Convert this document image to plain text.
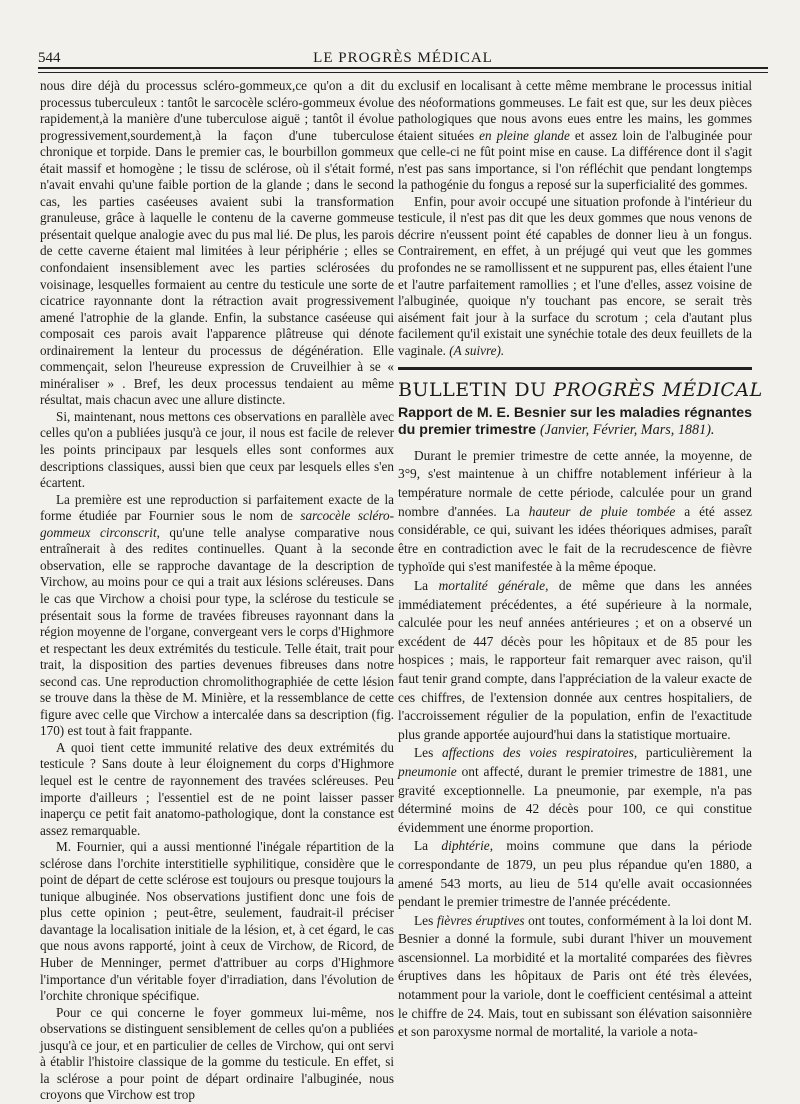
544	LE PROGRÈS MÉDICAL

nous dire déjà du processus scléro-gommeux,ce qu'on a dit du processus tuberculeux : tantôt le sarcocèle scléro-gommeux évolue rapidement,à la manière d'une tuberculose aiguë ; tantôt il évolue progressivement,sourdement,à la façon d'une tuberculose chronique et torpide. Dans le premier cas, le bourbillon gommeux était massif et homogène ; le tissu de sclérose, où il s'était formé, n'avait envahi qu'une faible portion de la glande ; dans le second cas, les parties caséeuses avaient subi la transformation granuleuse, grâce à laquelle le contenu de la caverne gommeuse présentait quelque analogie avec du pus mal lié. De plus, les parois de cette caverne étaient mal limitées à leur périphérie ; elles se confondaient insensiblement avec les parties sclérosées du voisinage, lesquelles formaient au centre du testicule une sorte de cicatrice rayonnante dont la rétraction avait progressivement amené l'atrophie de la glande. Enfin, la substance caséeuse qui composait ces parois avait l'apparence plâtreuse qui dénote ordinairement la lenteur du processus de dégénération. Elle commençait, selon l'heureuse expression de Cruveilhier à se « minéraliser » . Bref, les deux processus tendaient au même résultat, mais chacun avec une allure distincte.

Si, maintenant, nous mettons ces observations en parallèle avec celles qu'on a publiées jusqu'à ce jour, il nous est facile de relever les points principaux par lesquels elles sont conformes aux descriptions classiques, aussi bien que ceux par lesquels elles s'en écartent.

La première est une reproduction si parfaitement exacte de la forme étudiée par Fournier sous le nom de sarcocèle scléro-gommeux circonscrit, qu'une telle analyse comparative nous entraînerait à des redites continuelles. Quant à la seconde observation, elle se rapproche davantage de la description de Virchow, au moins pour ce qui a trait aux lésions scléreuses. Dans le cas que Virchow a choisi pour type, la sclérose du testicule se présentait sous la forme de travées fibreuses rayonnant dans la région moyenne de l'organe, convergeant vers le corps d'Highmore et respectant les deux extrémités du testicule. Telle était, trait pour trait, la disposition des parties devenues fibreuses dans notre second cas. Une reproduction chromolithographiée de cette lésion se trouve dans la thèse de M. Minière, et la ressemblance de cette figure avec celle que Virchow a intercalée dans sa description (fig. 170) est tout à fait frappante.

A quoi tient cette immunité relative des deux extrémités du testicule ? Sans doute à leur éloignement du corps d'Highmore lequel est le centre de rayonnement des travées scléreuses. Peu importe d'ailleurs ; l'essentiel est de ne point laisser passer inaperçu ce petit fait anatomo-pathologique, dont la constance est assez remarquable.

M. Fournier, qui a aussi mentionné l'inégale répartition de la sclérose dans l'orchite interstitielle syphilitique, considère que le point de départ de cette sclérose est toujours ou presque toujours la tunique albuginée. Nos observations justifient donc une fois de plus cette opinion ; peut-être, seulement, faudrait-il préciser davantage la localisation initiale de la lésion, et, à cet égard, le cas que nous avons rapporté, joint à ceux de Virchow, de Ricord, de Huber de Menninger, permet d'attribuer au corps d'Highmore l'importance d'un véritable foyer d'irradiation, dans l'évolution de l'orchite chronique spécifique.

Pour ce qui concerne le foyer gommeux lui-même, nos observations se distinguent sensiblement de celles qu'on a publiées jusqu'à ce jour, et en particulier de celles de Virchow, qui ont servi à établir l'histoire classique de la gomme du testicule. En effet, si la sclérose a pour point de départ ordinaire l'albuginée, nous croyons que Virchow est trop

exclusif en localisant à cette même membrane le processus initial des néoformations gommeuses. Le fait est que, sur les deux pièces pathologiques que nous avons eues entre les mains, les gommes étaient situées en pleine glande et assez loin de l'albuginée pour que celle-ci ne fût point mise en cause. La différence dont il s'agit n'est pas sans importance, si l'on réfléchit que pendant longtemps la pathogénie du fongus a reposé sur la superficialité des gommes.

Enfin, pour avoir occupé une situation profonde à l'intérieur du testicule, il n'est pas dit que les deux gommes que nous venons de décrire n'eussent point été capables de donner lieu à un fongus. Contrairement, en effet, à un préjugé qui veut que les gommes profondes ne se ramollissent et ne suppurent pas, elles étaient l'une et l'autre parfaitement ramollies ; et l'une d'elles, assez voisine de l'albuginée, quoique n'y touchant pas encore, se serait très aisément fait jour à la surface du scrotum ; cela d'autant plus facilement qu'il existait une synéchie totale des deux feuillets de la vaginale. (A suivre).

BULLETIN DU PROGRÈS MÉDICAL
Rapport de M. E. Besnier sur les maladies régnantes du premier trimestre (Janvier, Février, Mars, 1881).

Durant le premier trimestre de cette année, la moyenne, de 3°9, s'est maintenue à un chiffre notablement inférieur à la température normale de cette période, calculée pour un grand nombre d'années. La hauteur de pluie tombée a été assez considérable, ce qui, suivant les idées théoriques admises, paraît être en contradiction avec le fait de la recrudescence de fièvre typhoïde qui s'est manifestée à la même époque.

La mortalité générale, de même que dans les années immédiatement précédentes, a été supérieure à la normale, calculée pour les neuf années antérieures ; et on a observé un excédent de 447 décès pour les hôpitaux et de 85 pour les hospices ; mais, le rapporteur fait remarquer avec raison, qu'il faut tenir grand compte, dans l'appréciation de la valeur exacte de ces chiffres, de l'extension donnée aux centres hospitaliers, de l'accroissement régulier de la population, enfin de l'exactitude plus grande apportée aujourd'hui dans la statistique mortuaire.

Les affections des voies respiratoires, particulièrement la pneumonie ont affecté, durant le premier trimestre de 1881, une gravité exceptionnelle. La pneumonie, par exemple, n'a pas déterminé moins de 42 décès pour 100, ce qui constitue évidemment une énorme proportion.

La diphtérie, moins commune que dans la période correspondante de 1879, un peu plus répandue qu'en 1880, a amené 543 morts, au lieu de 514 qu'elle avait occasionnées pendant le premier trimestre de l'année précédente.

Les fièvres éruptives ont toutes, conformément à la loi dont M. Besnier a donné la formule, subi durant l'hiver un mouvement ascensionnel. La morbidité et la mortalité comparées des fièvres éruptives dans les hôpitaux de Paris ont été très élevées, notamment pour la variole, dont le coefficient centésimal a atteint le chiffre de 24. Mais, tout en subissant son élévation saisonnière et son paroxysme normal de mortalité, la variole a nota-
